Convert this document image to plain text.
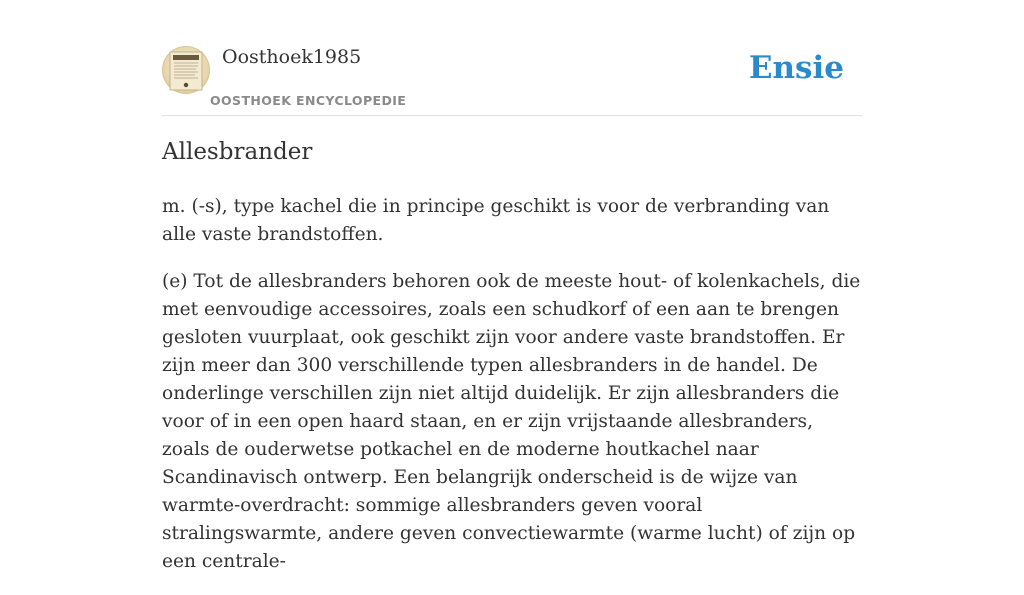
Oosthoek1985
OOSTHOEK ENCYCLOPEDIE
Ensie
Allesbrander

m. (-s), type kachel die in principe geschikt is voor de verbranding van alle vaste brandstoffen.

(e) Tot de allesbranders behoren ook de meeste hout- of kolenkachels, die met eenvoudige accessoires, zoals een schudkorf of een aan te brengen gesloten vuurplaat, ook geschikt zijn voor andere vaste brandstoffen. Er zijn meer dan 300 verschillende typen allesbranders in de handel. De onderlinge verschillen zijn niet altijd duidelijk. Er zijn allesbranders die voor of in een open haard staan, en er zijn vrijstaande allesbranders, zoals de ouderwetse potkachel en de moderne houtkachel naar Scandinavisch ontwerp. Een belangrijk onderscheid is de wijze van warmte-overdracht: sommige allesbranders geven vooral stralingswarmte, andere geven convectiewarmte (warme lucht) of zijn op een centrale-
